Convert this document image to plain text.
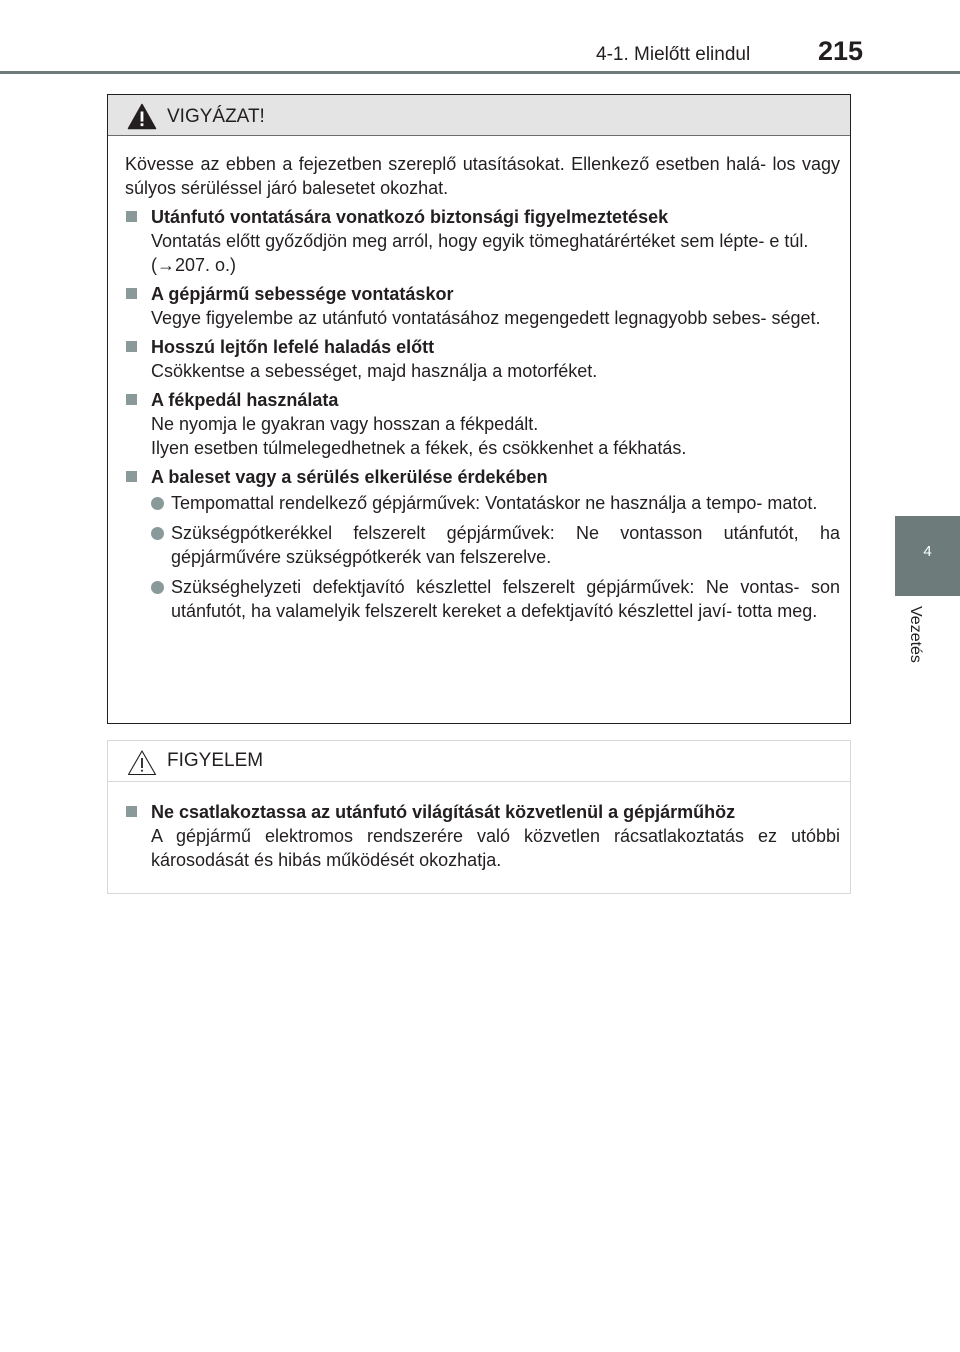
4-1. Mielőtt elindul	215
4
Vezetés
VIGYÁZAT!

Kövesse az ebben a fejezetben szereplő utasításokat. Ellenkező esetben halá- los vagy súlyos sérüléssel járó balesetet okozhat.

Utánfutó vontatására vonatkozó biztonsági figyelmeztetések

Vontatás előtt győződjön meg arról, hogy egyik tömeghatárértéket sem lépte- e túl.

(→207. o.)

A gépjármű sebessége vontatáskor

Vegye figyelembe az utánfutó vontatásához megengedett legnagyobb sebes- séget.

Hosszú lejtőn lefelé haladás előtt

Csökkentse a sebességet, majd használja a motorféket.

A fékpedál használata

Ne nyomja le gyakran vagy hosszan a fékpedált.

Ilyen esetben túlmelegedhetnek a fékek, és csökkenhet a fékhatás.

A baleset vagy a sérülés elkerülése érdekében
Tempomattal rendelkező gépjárművek: Vontatáskor ne használja a tempo- matot.
Szükségpótkerékkel felszerelt gépjárművek: Ne vontasson utánfutót, ha gépjárművére szükségpótkerék van felszerelve.
Szükséghelyzeti defektjavító készlettel felszerelt gépjárművek: Ne vontas- son utánfutót, ha valamelyik felszerelt kereket a defektjavító készlettel javí- totta meg.
FIGYELEM
Ne csatlakoztassa az utánfutó világítását közvetlenül a gépjárműhöz

A gépjármű elektromos rendszerére való közvetlen rácsatlakoztatás ez utóbbi károsodását és hibás működését okozhatja.
